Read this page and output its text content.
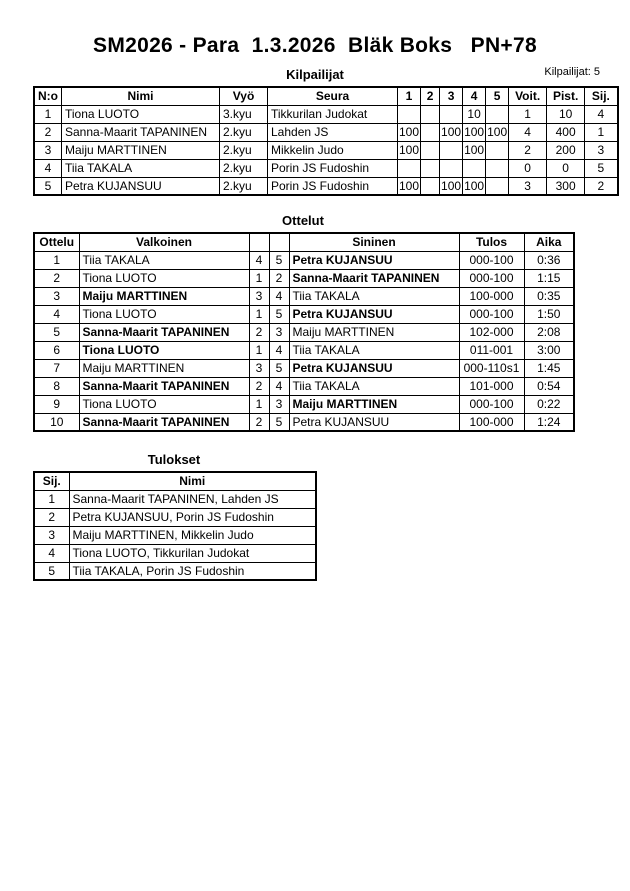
SM2026 - Para  1.3.2026  Bläk Boks   PN+78
Kilpailijat: 5
Kilpailijat
N:o	Nimi	Vyö	Seura	1	2	3	4	5	Voit.	Pist.	Sij.
1	Tiona LUOTO	3.kyu	Tikkurilan Judokat				10		1	10	4
2	Sanna-Maarit TAPANINEN	2.kyu	Lahden JS	100		100	100	100	4	400	1
3	Maiju MARTTINEN	2.kyu	Mikkelin Judo	100			100		2	200	3
4	Tiia TAKALA	2.kyu	Porin JS Fudoshin						0	0	5
5	Petra KUJANSUU	2.kyu	Porin JS Fudoshin	100		100	100		3	300	2
Ottelut
Ottelu	Valkoinen			Sininen	Tulos	Aika
1	Tiia TAKALA	4	5	Petra KUJANSUU	000-100	0:36
2	Tiona LUOTO	1	2	Sanna-Maarit TAPANINEN	000-100	1:15
3	Maiju MARTTINEN	3	4	Tiia TAKALA	100-000	0:35
4	Tiona LUOTO	1	5	Petra KUJANSUU	000-100	1:50
5	Sanna-Maarit TAPANINEN	2	3	Maiju MARTTINEN	102-000	2:08
6	Tiona LUOTO	1	4	Tiia TAKALA	011-001	3:00
7	Maiju MARTTINEN	3	5	Petra KUJANSUU	000-110s1	1:45
8	Sanna-Maarit TAPANINEN	2	4	Tiia TAKALA	101-000	0:54
9	Tiona LUOTO	1	3	Maiju MARTTINEN	000-100	0:22
10	Sanna-Maarit TAPANINEN	2	5	Petra KUJANSUU	100-000	1:24
Tulokset
Sij.	Nimi
1	Sanna-Maarit TAPANINEN, Lahden JS
2	Petra KUJANSUU, Porin JS Fudoshin
3	Maiju MARTTINEN, Mikkelin Judo
4	Tiona LUOTO, Tikkurilan Judokat
5	Tiia TAKALA, Porin JS Fudoshin
